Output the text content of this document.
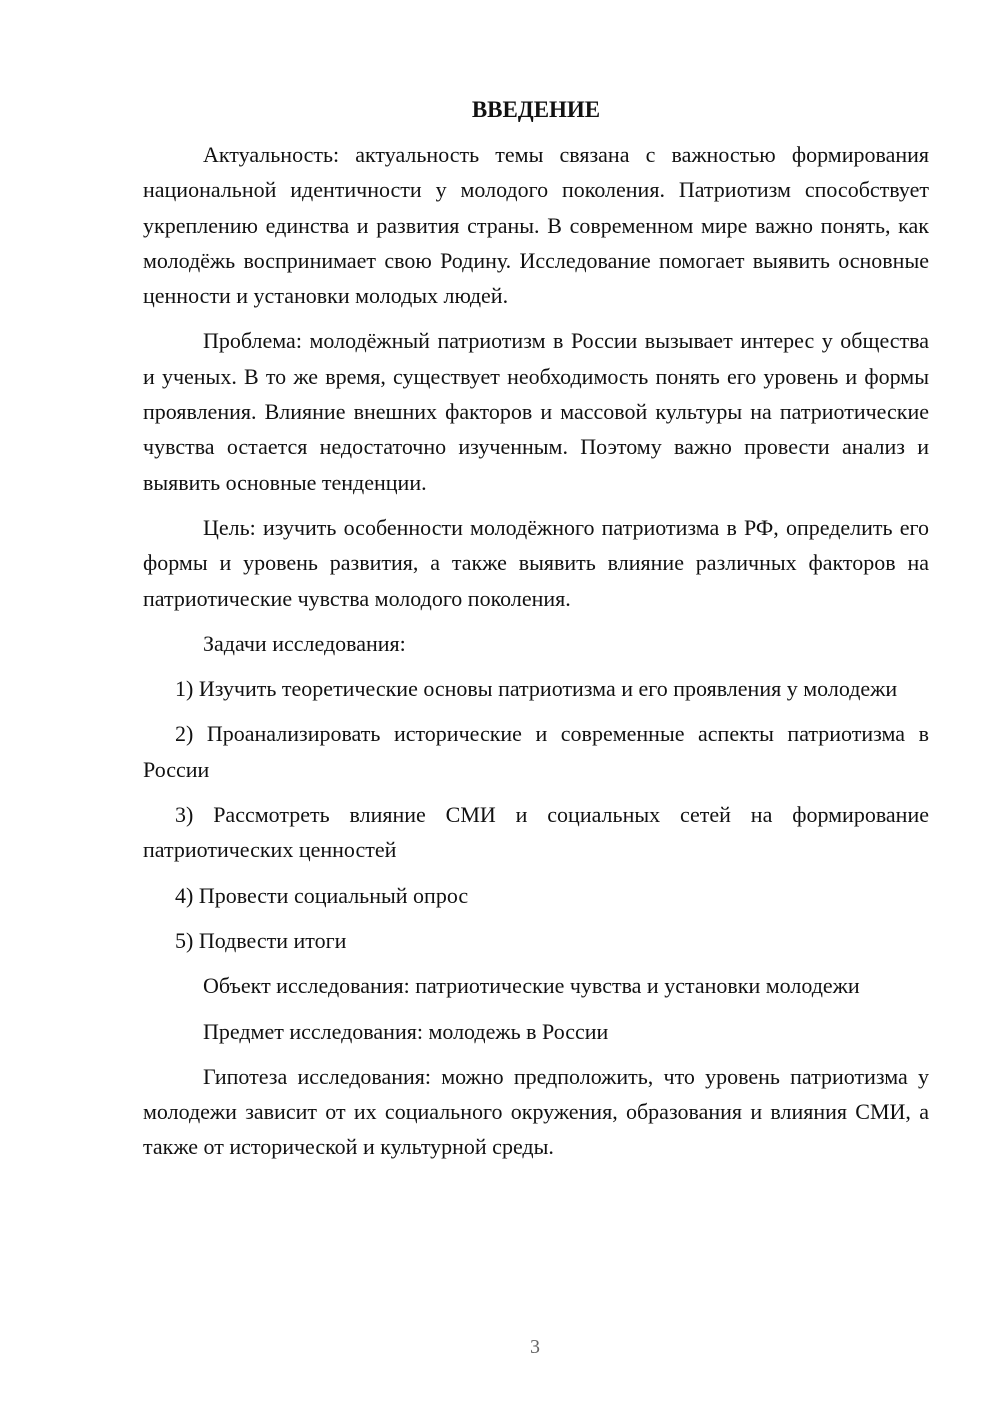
ВВЕДЕНИЕ

Актуальность: актуальность темы связана с важностью формирования национальной идентичности у молодого поколения. Патриотизм способствует укреплению единства и развития страны. В современном мире важно понять, как молодёжь воспринимает свою Родину. Исследование помогает выявить основные ценности и установки молодых людей.

Проблема: молодёжный патриотизм в России вызывает интерес у общества и ученых. В то же время, существует необходимость понять его уровень и формы проявления. Влияние внешних факторов и массовой культуры на патриотические чувства остается недостаточно изученным. Поэтому важно провести анализ и выявить основные тенденции.

Цель: изучить особенности молодёжного патриотизма в РФ, определить его формы и уровень развития, а также выявить влияние различных факторов на патриотические чувства молодого поколения.

Задачи исследования:

1) Изучить теоретические основы патриотизма и его проявления у молодежи

2) Проанализировать исторические и современные аспекты патриотизма в России

3) Рассмотреть влияние СМИ и социальных сетей на формирование патриотических ценностей

4) Провести социальный опрос

5) Подвести итоги

Объект исследования: патриотические чувства и установки молодежи

Предмет исследования: молодежь в России

Гипотеза исследования: можно предположить, что уровень патриотизма у молодежи зависит от их социального окружения, образования и влияния СМИ, а также от исторической и культурной среды.

3
